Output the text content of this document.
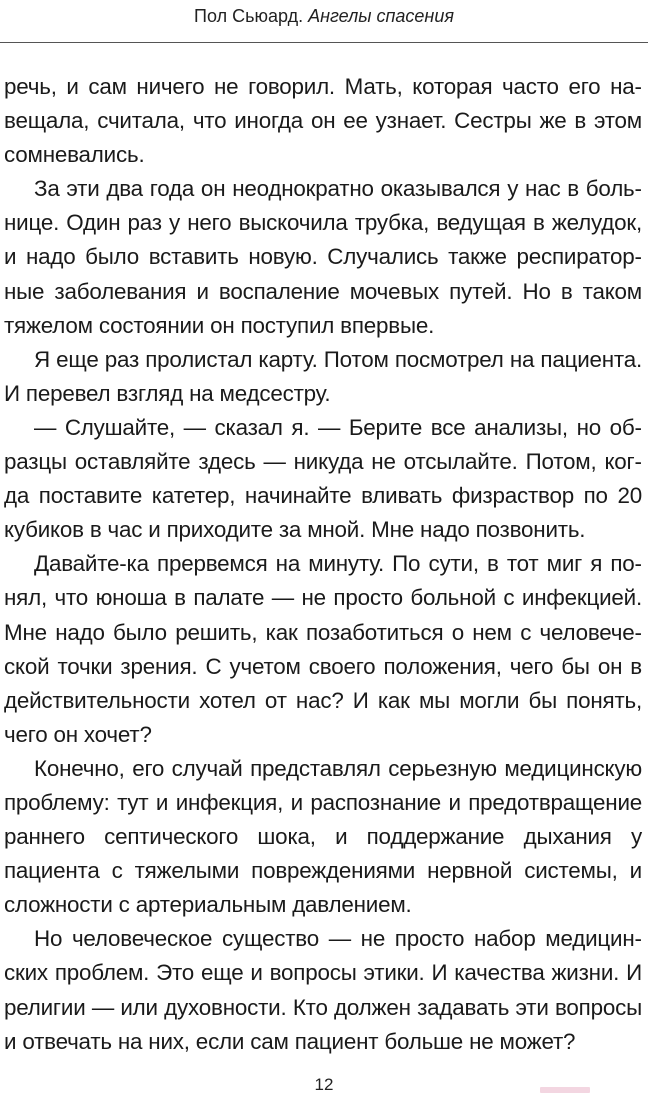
Пол Сьюард. Ангелы спасения

речь, и сам ничего не говорил. Мать, которая часто его навещала, считала, что иногда он ее узнает. Сестры же в этом сомневались.

За эти два года он неоднократно оказывался у нас в больнице. Один раз у него выскочила трубка, ведущая в желудок, и надо было вставить новую. Случались также респираторные заболевания и воспаление мочевых путей. Но в таком тяжелом состоянии он поступил впервые.

Я еще раз пролистал карту. Потом посмотрел на пациента. И перевел взгляд на медсестру.

— Слушайте, — сказал я. — Берите все анализы, но образцы оставляйте здесь — никуда не отсылайте. Потом, когда поставите катетер, начинайте вливать физраствор по 20 кубиков в час и приходите за мной. Мне надо позвонить.

Давайте-ка прервемся на минуту. По сути, в тот миг я понял, что юноша в палате — не просто больной с инфекцией. Мне надо было решить, как позаботиться о нем с человеческой точки зрения. С учетом своего положения, чего бы он в действительности хотел от нас? И как мы могли бы понять, чего он хочет?

Конечно, его случай представлял серьезную медицинскую проблему: тут и инфекция, и распознание и предотвращение раннего септического шока, и поддержание дыхания у пациента с тяжелыми повреждениями нервной системы, и сложности с артериальным давлением.

Но человеческое существо — не просто набор медицинских проблем. Это еще и вопросы этики. И качества жизни. И религии — или духовности. Кто должен задавать эти вопросы и отвечать на них, если сам пациент больше не может?

12
